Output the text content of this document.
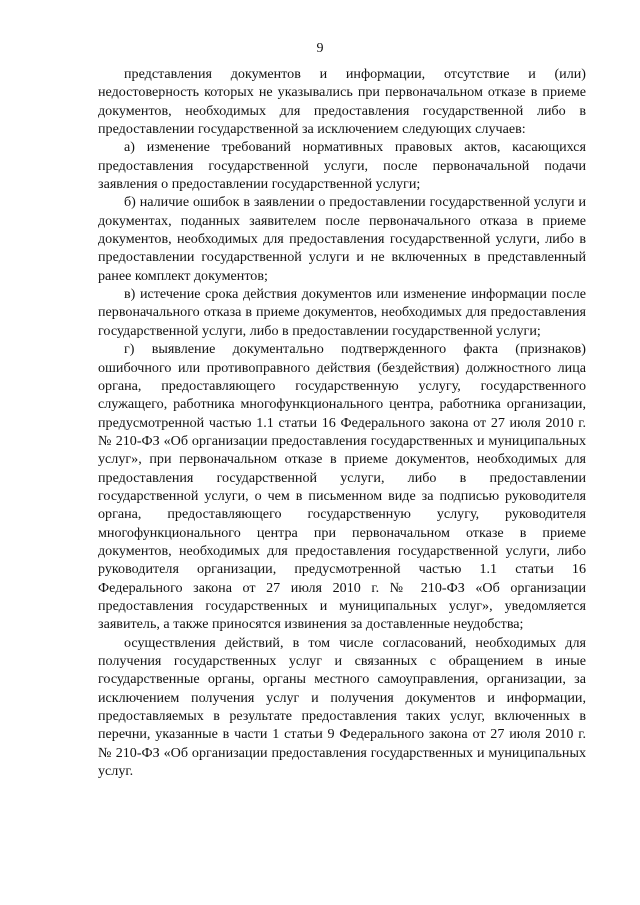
9

представления документов и информации, отсутствие и (или) недостоверность которых не указывались при первоначальном отказе в приеме документов, необходимых для предоставления государственной либо в предоставлении государственной за исключением следующих случаев:

а) изменение требований нормативных правовых актов, касающихся предоставления государственной услуги, после первоначальной подачи заявления о предоставлении государственной услуги;

б) наличие ошибок в заявлении о предоставлении государственной услуги и документах, поданных заявителем после первоначального отказа в приеме документов, необходимых для предоставления государственной услуги, либо в предоставлении государственной услуги и не включенных в представленный ранее комплект документов;

в) истечение срока действия документов или изменение информации после первоначального отказа в приеме документов, необходимых для предоставления государственной услуги, либо в предоставлении государственной услуги;

г) выявление документально подтвержденного факта (признаков) ошибочного или противоправного действия (бездействия) должностного лица органа, предоставляющего государственную услугу, государственного служащего, работника многофункционального центра, работника организации, предусмотренной частью 1.1 статьи 16 Федерального закона от 27 июля 2010 г. № 210-ФЗ «Об организации предоставления государственных и муниципальных услуг», при первоначальном отказе в приеме документов, необходимых для предоставления государственной услуги, либо в предоставлении государственной услуги, о чем в письменном виде за подписью руководителя органа, предоставляющего государственную услугу, руководителя многофункционального центра при первоначальном отказе в приеме документов, необходимых для предоставления государственной услуги, либо руководителя организации, предусмотренной частью 1.1 статьи 16 Федерального закона от 27 июля 2010 г. № 210-ФЗ «Об организации предоставления государственных и муниципальных услуг», уведомляется заявитель, а также приносятся извинения за доставленные неудобства;

осуществления действий, в том числе согласований, необходимых для получения государственных услуг и связанных с обращением в иные государственные органы, органы местного самоуправления, организации, за исключением получения услуг и получения документов и информации, предоставляемых в результате предоставления таких услуг, включенных в перечни, указанные в части 1 статьи 9 Федерального закона от 27 июля 2010 г. № 210-ФЗ «Об организации предоставления государственных и муниципальных услуг.
